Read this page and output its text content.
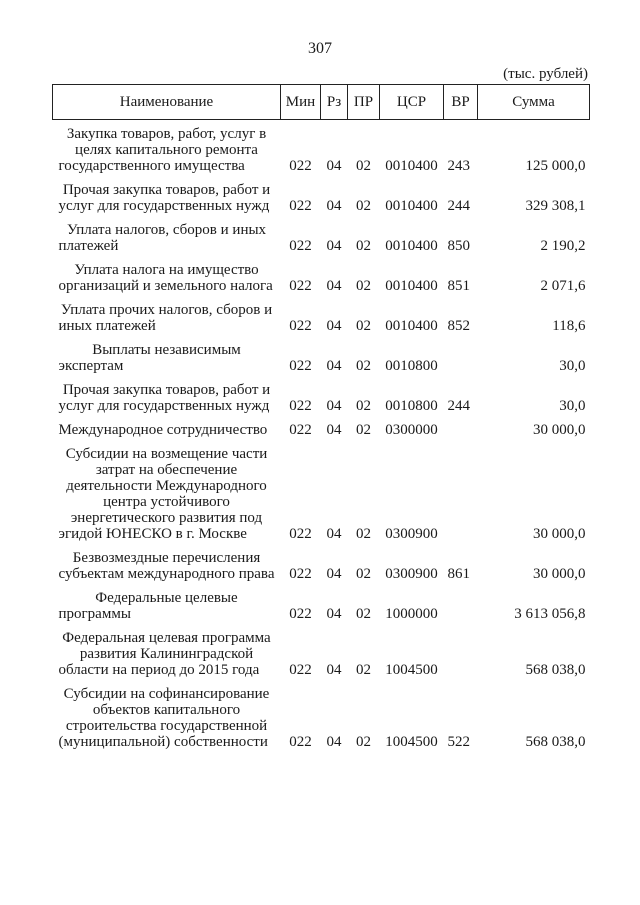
307
(тыс. рублей)
Наименование	Мин	Рз	ПР	ЦСР	ВР	Сумма
Закупка товаров, работ, услуг в целях капитального ремонта государственного имущества	022	04	02	0010400	243	125 000,0
Прочая закупка товаров, работ и услуг для государственных нужд	022	04	02	0010400	244	329 308,1
Уплата налогов, сборов и иных платежей	022	04	02	0010400	850	2 190,2
Уплата налога на имущество организаций и земельного налога	022	04	02	0010400	851	2 071,6
Уплата прочих налогов, сборов и иных платежей	022	04	02	0010400	852	118,6
Выплаты независимым экспертам	022	04	02	0010800		30,0
Прочая закупка товаров, работ и услуг для государственных нужд	022	04	02	0010800	244	30,0
Международное сотрудничество	022	04	02	0300000		30 000,0
Субсидии на возмещение части затрат на обеспечение деятельности Международного центра устойчивого энергетического развития под эгидой ЮНЕСКО в г. Москве	022	04	02	0300900		30 000,0
Безвозмездные перечисления субъектам международного права	022	04	02	0300900	861	30 000,0
Федеральные целевые программы	022	04	02	1000000		3 613 056,8
Федеральная целевая программа развития Калининградской области на период до 2015 года	022	04	02	1004500		568 038,0
Субсидии на софинансирование объектов капитального строительства государственной (муниципальной) собственности	022	04	02	1004500	522	568 038,0
